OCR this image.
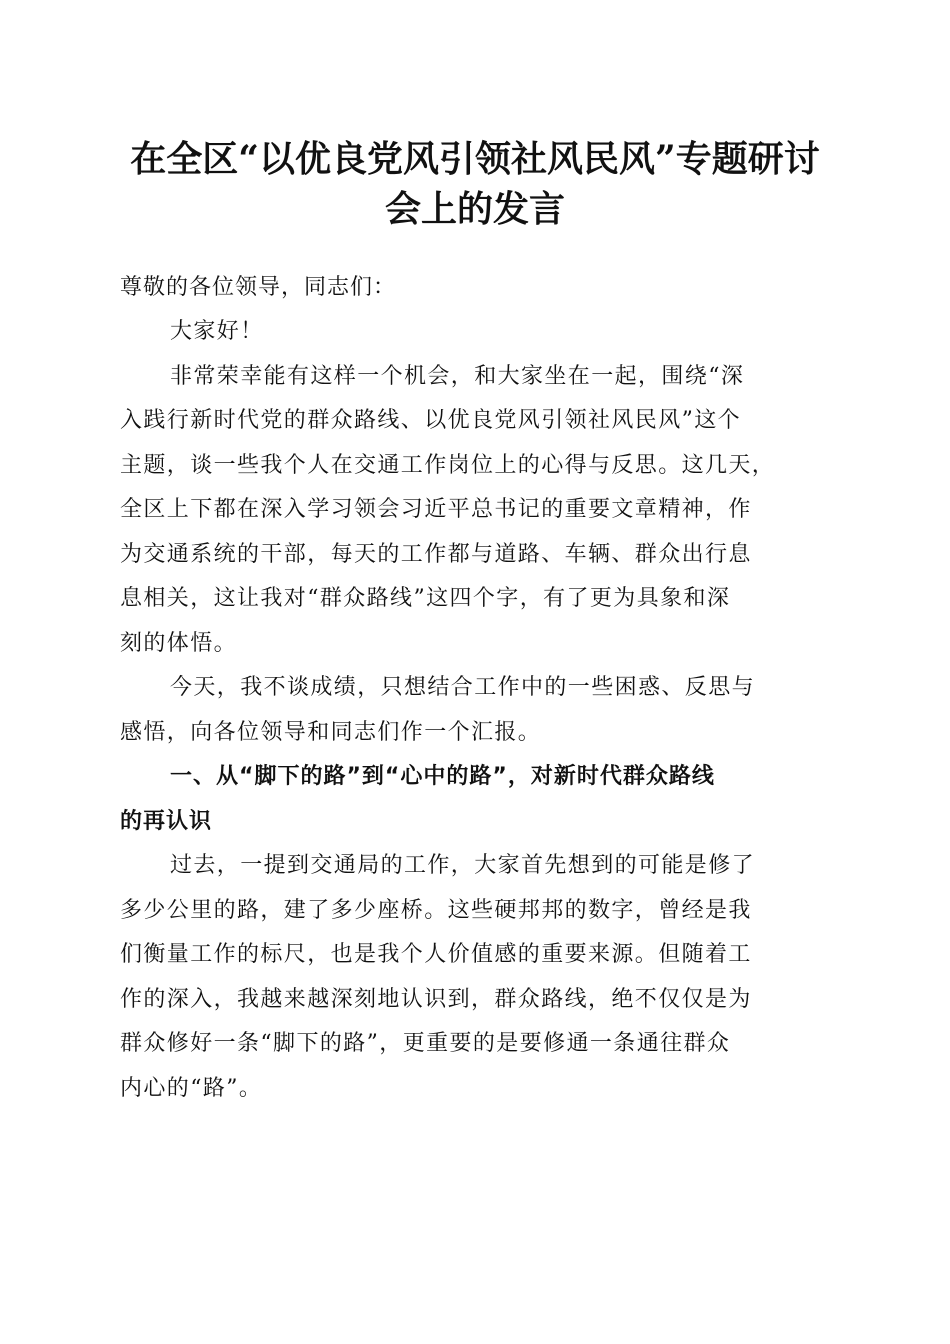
在全区“以优良党风引领社风民风”专题研讨
会上的发言

尊敬的各位领导，同志们：

大家好！

非常荣幸能有这样一个机会，和大家坐在一起，围绕“深
入践行新时代党的群众路线、以优良党风引领社风民风”这个
主题，谈一些我个人在交通工作岗位上的心得与反思。这几天，
全区上下都在深入学习领会习近平总书记的重要文章精神，作
为交通系统的干部，每天的工作都与道路、车辆、群众出行息
息相关，这让我对“群众路线”这四个字，有了更为具象和深
刻的体悟。

今天，我不谈成绩，只想结合工作中的一些困惑、反思与
感悟，向各位领导和同志们作一个汇报。

一、从“脚下的路”到“心中的路”，对新时代群众路线
的再认识

过去，一提到交通局的工作，大家首先想到的可能是修了
多少公里的路，建了多少座桥。这些硬邦邦的数字，曾经是我
们衡量工作的标尺，也是我个人价值感的重要来源。但随着工
作的深入，我越来越深刻地认识到，群众路线，绝不仅仅是为
群众修好一条“脚下的路”，更重要的是要修通一条通往群众
内心的“路”。
